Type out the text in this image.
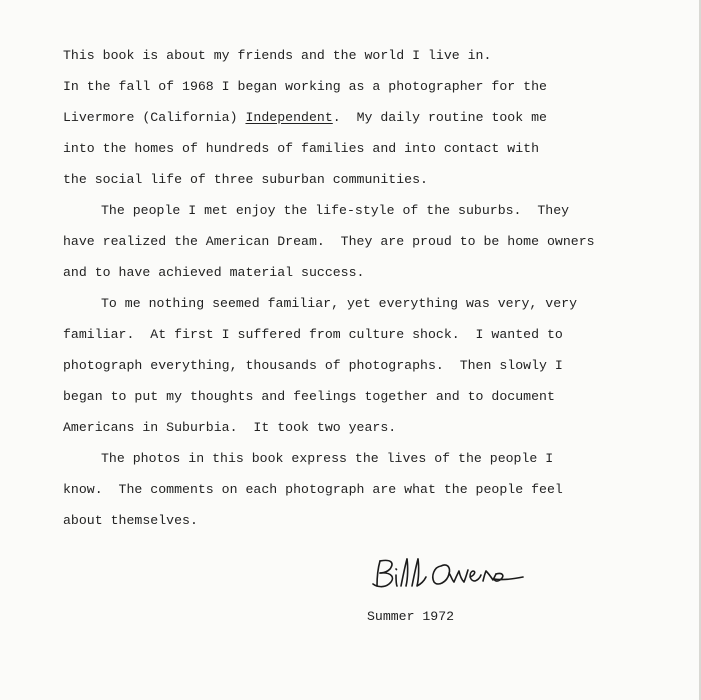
This book is about my friends and the world I live in.
In the fall of 1968 I began working as a photographer for the
Livermore (California) Independent.  My daily routine took me
into the homes of hundreds of families and into contact with
the social life of three suburban communities.
The people I met enjoy the life-style of the suburbs.  They
have realized the American Dream.  They are proud to be home owners
and to have achieved material success.
To me nothing seemed familiar, yet everything was very, very
familiar.  At first I suffered from culture shock.  I wanted to
photograph everything, thousands of photographs.  Then slowly I
began to put my thoughts and feelings together and to document
Americans in Suburbia.  It took two years.
The photos in this book express the lives of the people I
know.  The comments on each photograph are what the people feel
about themselves.
Summer 1972
